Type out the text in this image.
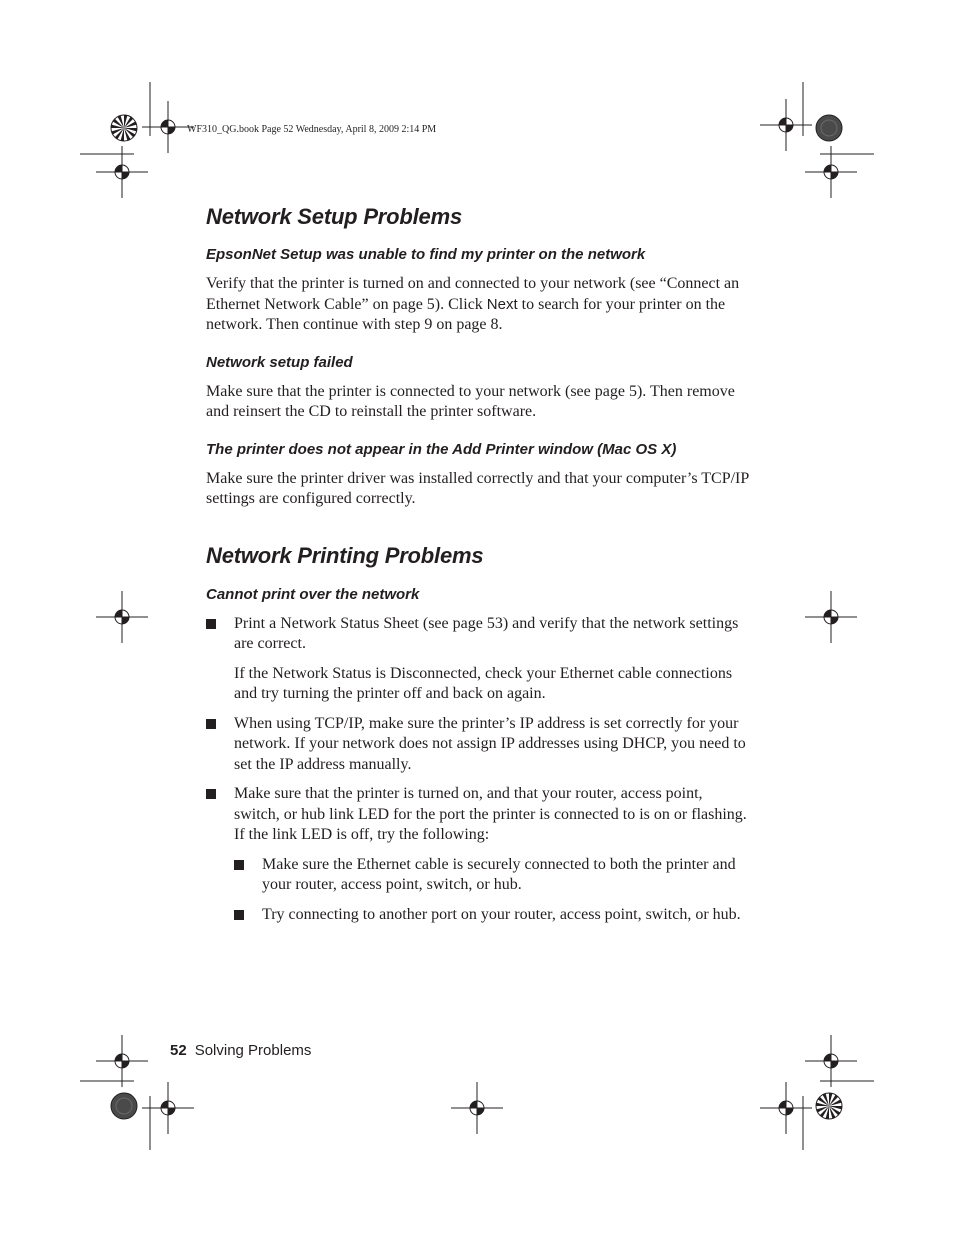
WF310_QG.book Page 52 Wednesday, April 8, 2009 2:14 PM
Network Setup Problems
EpsonNet Setup was unable to find my printer on the network

Verify that the printer is turned on and connected to your network (see “Connect an Ethernet Network Cable” on page 5). Click Next to search for your printer on the network. Then continue with step 9 on page 8.

Network setup failed

Make sure that the printer is connected to your network (see page 5). Then remove and reinsert the CD to reinstall the printer software.

The printer does not appear in the Add Printer window (Mac OS X)

Make sure the printer driver was installed correctly and that your computer’s TCP/IP settings are configured correctly.

Network Printing Problems
Cannot print over the network

Print a Network Status Sheet (see page 53) and verify that the network settings are correct.

If the Network Status is Disconnected, check your Ethernet cable connections and try turning the printer off and back on again.

When using TCP/IP, make sure the printer’s IP address is set correctly for your network. If your network does not assign IP addresses using DHCP, you need to set the IP address manually.

Make sure that the printer is turned on, and that your router, access point, switch, or hub link LED for the port the printer is connected to is on or flashing. If the link LED is off, try the following:

Make sure the Ethernet cable is securely connected to both the printer and your router, access point, switch, or hub.

Try connecting to another port on your router, access point, switch, or hub.

52 Solving Problems
